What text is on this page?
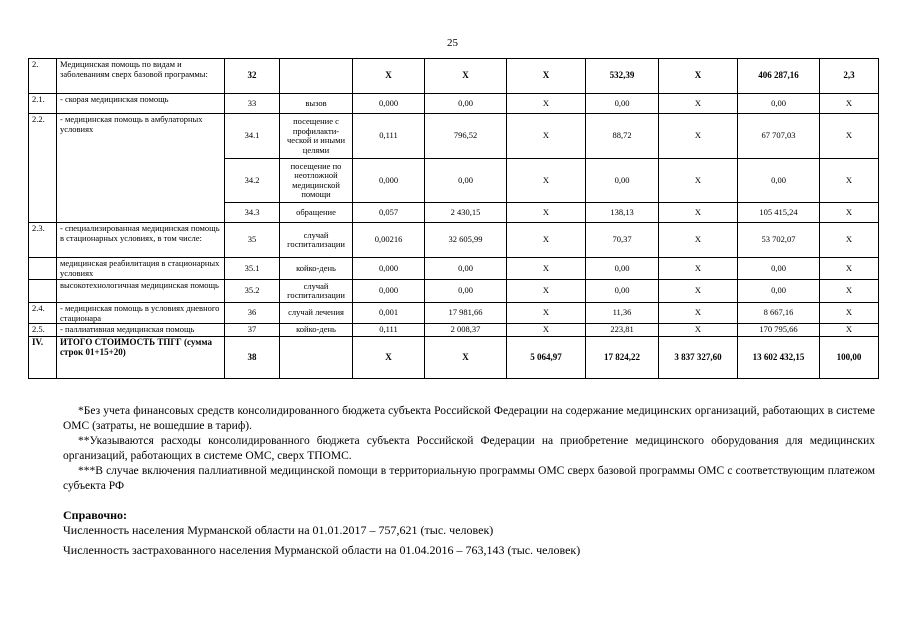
25
2.	Медицинская помощь по видам и заболеваниям сверх базовой программы:	32		X	X	X	532,39	X	406 287,16	2,3
2.1.	- скорая медицинская помощь	33	вызов	0,000	0,00	X	0,00	X	0,00	X
2.2.	- медицинская помощь в амбулаторных условиях	34.1	посещение с профилакти-ческой и иными целями	0,111	796,52	X	88,72	X	67 707,03	X
		34.2	посещение по неотложной медицинской помощи	0,000	0,00	X	0,00	X	0,00	X
		34.3	обращение	0,057	2 430,15	X	138,13	X	105 415,24	X
2.3.	- специализированная медицинская помощь в стационарных условиях, в том числе:	35	случай госпитализации	0,00216	32 605,99	X	70,37	X	53 702,07	X
	медицинская реабилитация в стационарных условиях	35.1	койко-день	0,000	0,00	X	0,00	X	0,00	X
	высокотехнологичная медицинская помощь	35.2	случай госпитализации	0,000	0,00	X	0,00	X	0,00	X
2.4.	- медицинская помощь в условиях дневного стационара	36	случай лечения	0,001	17 981,66	X	11,36	X	8 667,16	X
2.5.	- паллиативная медицинская помощь	37	койко-день	0,111	2 008,37	X	223,81	X	170 795,66	X
IV.	ИТОГО СТОИМОСТЬ ТПГГ (сумма строк 01+15+20)	38		X	X	5 064,97	17 824,22	3 837 327,60	13 602 432,15	100,00

*Без учета финансовых средств консолидированного бюджета субъекта Российской Федерации на содержание медицинских организаций, работающих в системе ОМС (затраты, не вошедшие в тариф).

**Указываются расходы консолидированного бюджета субъекта Российской Федерации на приобретение медицинского оборудования для медицинских организаций, работающих в системе ОМС, сверх ТПОМС.

***В случае включения паллиативной медицинской помощи в территориальную программы ОМС сверх базовой программы ОМС с соответствующим платежом субъекта РФ

Справочно:
Численность населения Мурманской области на 01.01.2017 – 757,621 (тыс. человек)
Численность застрахованного населения Мурманской области на 01.04.2016 – 763,143 (тыс. человек)
